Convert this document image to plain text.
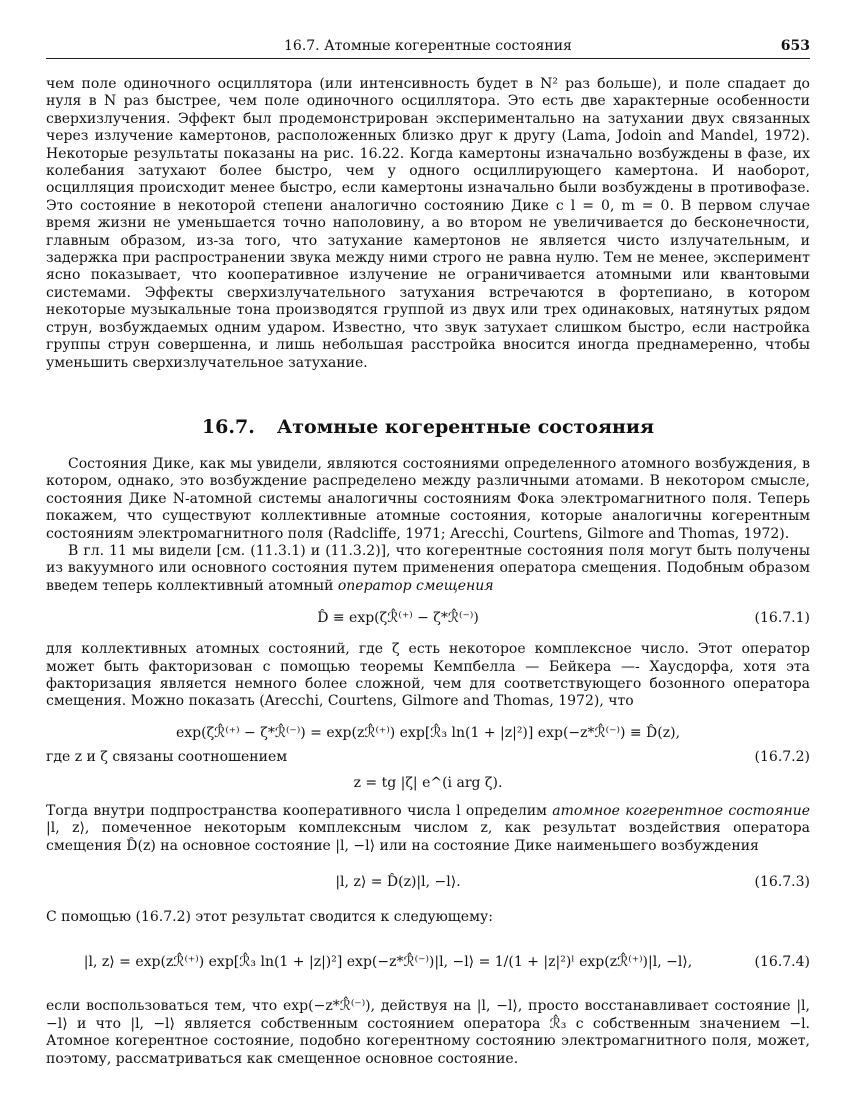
16.7. Атомные когерентные состояния	653

чем поле одиночного осциллятора (или интенсивность будет в N² раз больше), и поле спадает до нуля в N раз быстрее, чем поле одиночного осциллятора. Это есть две характерные особенности сверхизлучения. Эффект был продемонстрирован экспериментально на затухании двух связанных через излучение камертонов, расположенных близко друг к другу (Lama, Jodoin and Mandel, 1972). Некоторые результаты показаны на рис. 16.22. Когда камертоны изначально возбуждены в фазе, их колебания затухают более быстро, чем у одного осциллирующего камертона. И наоборот, осцилляция происходит менее быстро, если камертоны изначально были возбуждены в противофазе. Это состояние в некоторой степени аналогично состоянию Дике с l = 0, m = 0. В первом случае время жизни не уменьшается точно наполовину, а во втором не увеличивается до бесконечности, главным образом, из-за того, что затухание камертонов не является чисто излучательным, и задержка при распространении звука между ними строго не равна нулю. Тем не менее, эксперимент ясно показывает, что кооперативное излучение не ограничивается атомными или квантовыми системами. Эффекты сверхизлучательного затухания встречаются в фортепиано, в котором некоторые музыкальные тона производятся группой из двух или трех одинаковых, натянутых рядом струн, возбуждаемых одним ударом. Известно, что звук затухает слишком быстро, если настройка группы струн совершенна, и лишь небольшая расстройка вносится иногда преднамеренно, чтобы уменьшить сверхизлучательное затухание.

16.7. Атомные когерентные состояния

Состояния Дике, как мы увидели, являются состояниями определенного атомного возбуждения, в котором, однако, это возбуждение распределено между различными атомами. В некотором смысле, состояния Дике N-атомной системы аналогичны состояниям Фока электромагнитного поля. Теперь покажем, что существуют коллективные атомные состояния, которые аналогичны когерентным состояниям электромагнитного поля (Radcliffe, 1971; Arecchi, Courtens, Gilmore and Thomas, 1972).

В гл. 11 мы видели [см. (11.3.1) и (11.3.2)], что когерентные состояния поля могут быть получены из вакуумного или основного состояния путем применения оператора смещения. Подобным образом введем теперь коллективный атомный оператор смещения

D̂ ≡ exp(ζℛ̂⁽⁺⁾ − ζ*ℛ̂⁽⁻⁾)	(16.7.1)

для коллективных атомных состояний, где ζ есть некоторое комплексное число. Этот оператор может быть факторизован с помощью теоремы Кемпбелла — Бейкера —- Хаусдорфа, хотя эта факторизация является немного более сложной, чем для соответствующего бозонного оператора смещения. Можно показать (Arecchi, Courtens, Gilmore and Thomas, 1972), что

exp(ζℛ̂⁽⁺⁾ − ζ*ℛ̂⁽⁻⁾) = exp(zℛ̂⁽⁺⁾) exp[ℛ̂₃ ln(1 + |z|²)] exp(−z*ℛ̂⁽⁻⁾) ≡ D̂(z),
где z и ζ связаны соотношением	(16.7.2)
z = tg |ζ| e^(i arg ζ).

Тогда внутри подпространства кооперативного числа l определим атомное когерентное состояние |l, z⟩, помеченное некоторым комплексным числом z, как результат воздействия оператора смещения D̂(z) на основное состояние |l, −l⟩ или на состояние Дике наименьшего возбуждения

|l, z⟩ = D̂(z)|l, −l⟩.	(16.7.3)

С помощью (16.7.2) этот результат сводится к следующему:

|l, z⟩ = exp(zℛ̂⁽⁺⁾) exp[ℛ̂₃ ln(1 + |z|)²] exp(−z*ℛ̂⁽⁻⁾)|l, −l⟩ = 1/(1 + |z|²)ˡ exp(zℛ̂⁽⁺⁾)|l, −l⟩,	(16.7.4)

если воспользоваться тем, что exp(−z*ℛ̂⁽⁻⁾), действуя на |l, −l⟩, просто восстанавливает состояние |l, −l⟩ и что |l, −l⟩ является собственным состоянием оператора ℛ̂₃ с собственным значением −l. Атомное когерентное состояние, подобно когерентному состоянию электромагнитного поля, может, поэтому, рассматриваться как смещенное основное состояние.
